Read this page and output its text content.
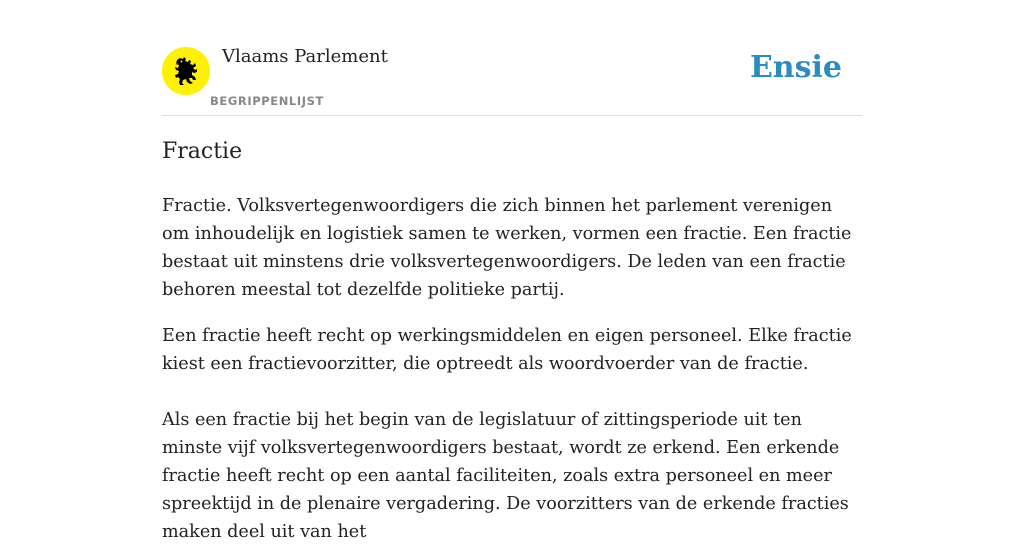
Vlaams Parlement
BEGRIPPENLIJST
Ensie
Fractie

Fractie. Volksvertegenwoordigers die zich binnen het parlement verenigen om inhoudelijk en logistiek samen te werken, vormen een fractie. Een fractie bestaat uit minstens drie volksvertegenwoordigers. De leden van een fractie behoren meestal tot dezelfde politieke partij.

Een fractie heeft recht op werkingsmiddelen en eigen personeel. Elke fractie kiest een fractievoorzitter, die optreedt als woordvoerder van de fractie.

Als een fractie bij het begin van de legislatuur of zittingsperiode uit ten minste vijf volksvertegenwoordigers bestaat, wordt ze erkend. Een erkende fractie heeft recht op een aantal faciliteiten, zoals extra personeel en meer spreektijd in de plenaire vergadering. De voorzitters van de erkende fracties maken deel uit van het
